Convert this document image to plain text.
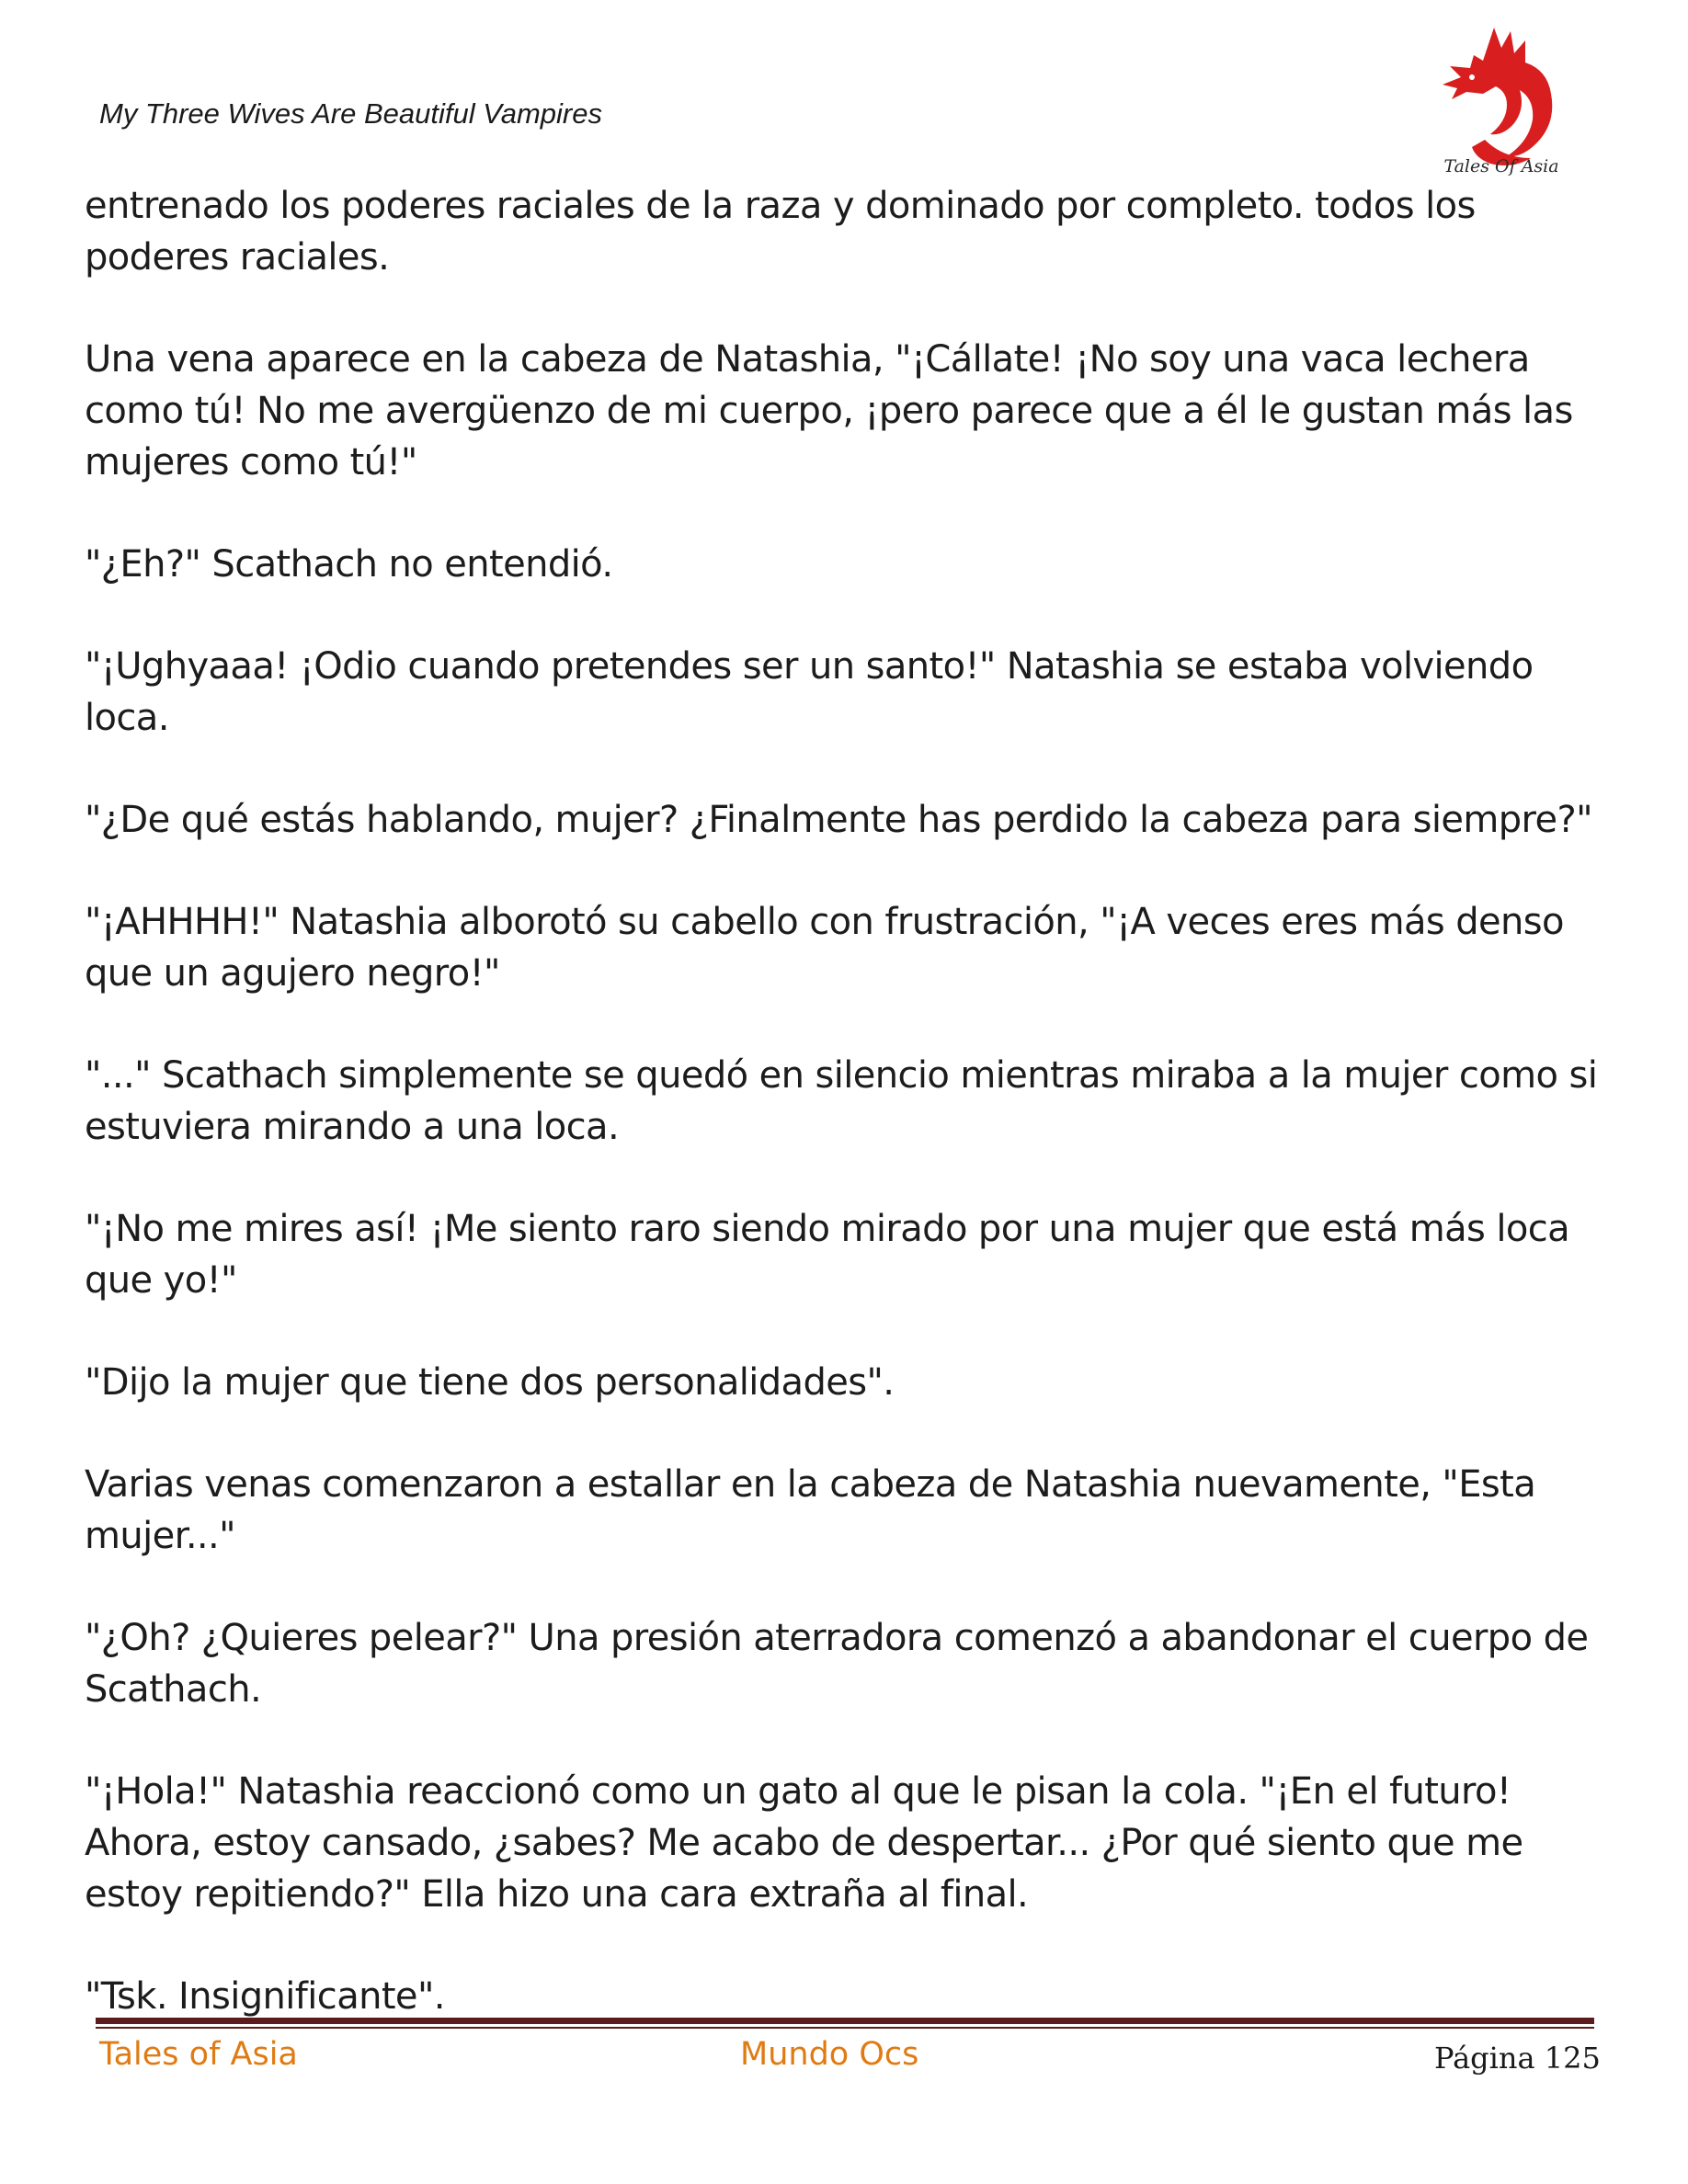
My Three Wives Are Beautiful Vampires
Tales Of Asia

entrenado los poderes raciales de la raza y dominado por completo. todos los poderes raciales.

Una vena aparece en la cabeza de Natashia, "¡Cállate! ¡No soy una vaca lechera como tú! No me avergüenzo de mi cuerpo, ¡pero parece que a él le gustan más las mujeres como tú!"

"¿Eh?" Scathach no entendió.

"¡Ughyaaa! ¡Odio cuando pretendes ser un santo!" Natashia se estaba volviendo loca.

"¿De qué estás hablando, mujer? ¿Finalmente has perdido la cabeza para siempre?"

"¡AHHHH!" Natashia alborotó su cabello con frustración, "¡A veces eres más denso que un agujero negro!"

"..." Scathach simplemente se quedó en silencio mientras miraba a la mujer como si estuviera mirando a una loca.

"¡No me mires así! ¡Me siento raro siendo mirado por una mujer que está más loca que yo!"

"Dijo la mujer que tiene dos personalidades".

Varias venas comenzaron a estallar en la cabeza de Natashia nuevamente, "Esta mujer..."

"¿Oh? ¿Quieres pelear?" Una presión aterradora comenzó a abandonar el cuerpo de Scathach.

"¡Hola!" Natashia reaccionó como un gato al que le pisan la cola. "¡En el futuro! Ahora, estoy cansado, ¿sabes? Me acabo de despertar... ¿Por qué siento que me estoy repitiendo?" Ella hizo una cara extraña al final.

"Tsk. Insignificante".

Tales of Asia	Mundo Ocs	Página 125
